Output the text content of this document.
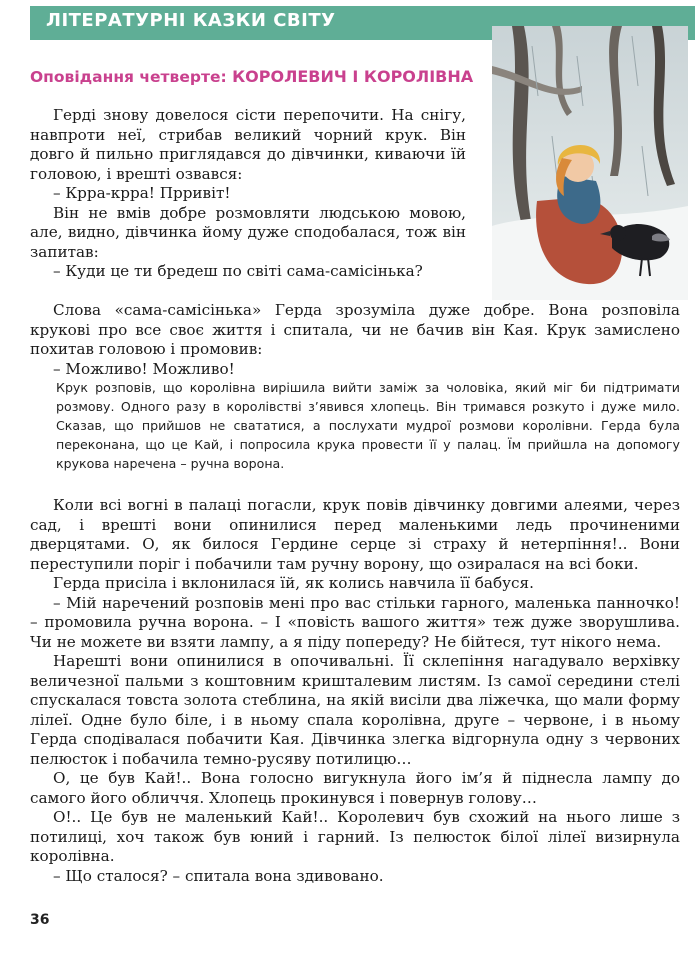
ЛІТЕРАТУРНІ КАЗКИ СВІТУ
Оповідання четверте: КОРОЛЕВИЧ І КОРОЛІВНА

Герді знову довелося сісти перепочити. На снігу, навпроти неї, стрибав великий чорний крук. Він довго й пильно приглядався до дівчинки, киваючи їй головою, і врешті озвався:

– Крра-крра! Прривіт!

Він не вмів добре розмовляти людською мовою, але, видно, дівчинка йому дуже сподобалася, тож він запитав:

– Куди це ти бредеш по світі сама-самісінька?

Слова «сама-самісінька» Герда зрозуміла дуже добре. Вона розповіла крукові про все своє життя і спитала, чи не бачив він Кая. Крук замислено похитав головою і промовив:

– Можливо! Можливо!

Крук розповів, що королівна вирішила вийти заміж за чоловіка, який міг би підтримати розмову. Одного разу в королівстві з’явився хлопець. Він тримався розкуто і дуже мило. Сказав, що прийшов не свататися, а послухати мудрої розмови королівни. Герда була переконана, що це Кай, і попросила крука провести її у палац. Їм прийшла на допомогу крукова наречена – ручна ворона.

Коли всі вогні в палаці погасли, крук повів дівчинку довгими алеями, через сад, і врешті вони опинилися перед маленькими ледь прочиненими дверцятами. О, як билося Гердине серце зі страху й нетерпіння!.. Вони переступили поріг і побачили там ручну ворону, що озиралася на всі боки.

Герда присіла і вклонилася їй, як колись навчила її бабуся.

– Мій наречений розповів мені про вас стільки гарного, маленька панночко! – промовила ручна ворона. – І «повість вашого життя» теж дуже зворушлива. Чи не можете ви взяти лампу, а я піду попереду? Не бійтеся, тут нікого нема.

Нарешті вони опинилися в опочивальні. Її склепіння нагадувало верхівку величезної пальми з коштовним кришталевим листям. Із самої середини стелі спускалася товста золота стеблина, на якій висіли два ліжечка, що мали форму лілеї. Одне було біле, і в ньому спала королівна, друге – червоне, і в ньому Герда сподівалася побачити Кая. Дівчинка злегка відгорнула одну з червоних пелюсток і побачила темно-русяву потилицю…

О, це був Кай!.. Вона голосно вигукнула його ім’я й піднесла лампу до самого його обличчя. Хлопець прокинувся і повернув голову…

О!.. Це був не маленький Кай!.. Королевич був схожий на нього лише з потилиці, хоч також був юний і гарний. Із пелюсток білої лілеї визирнула королівна.

– Що сталося? – спитала вона здивовано.

36
